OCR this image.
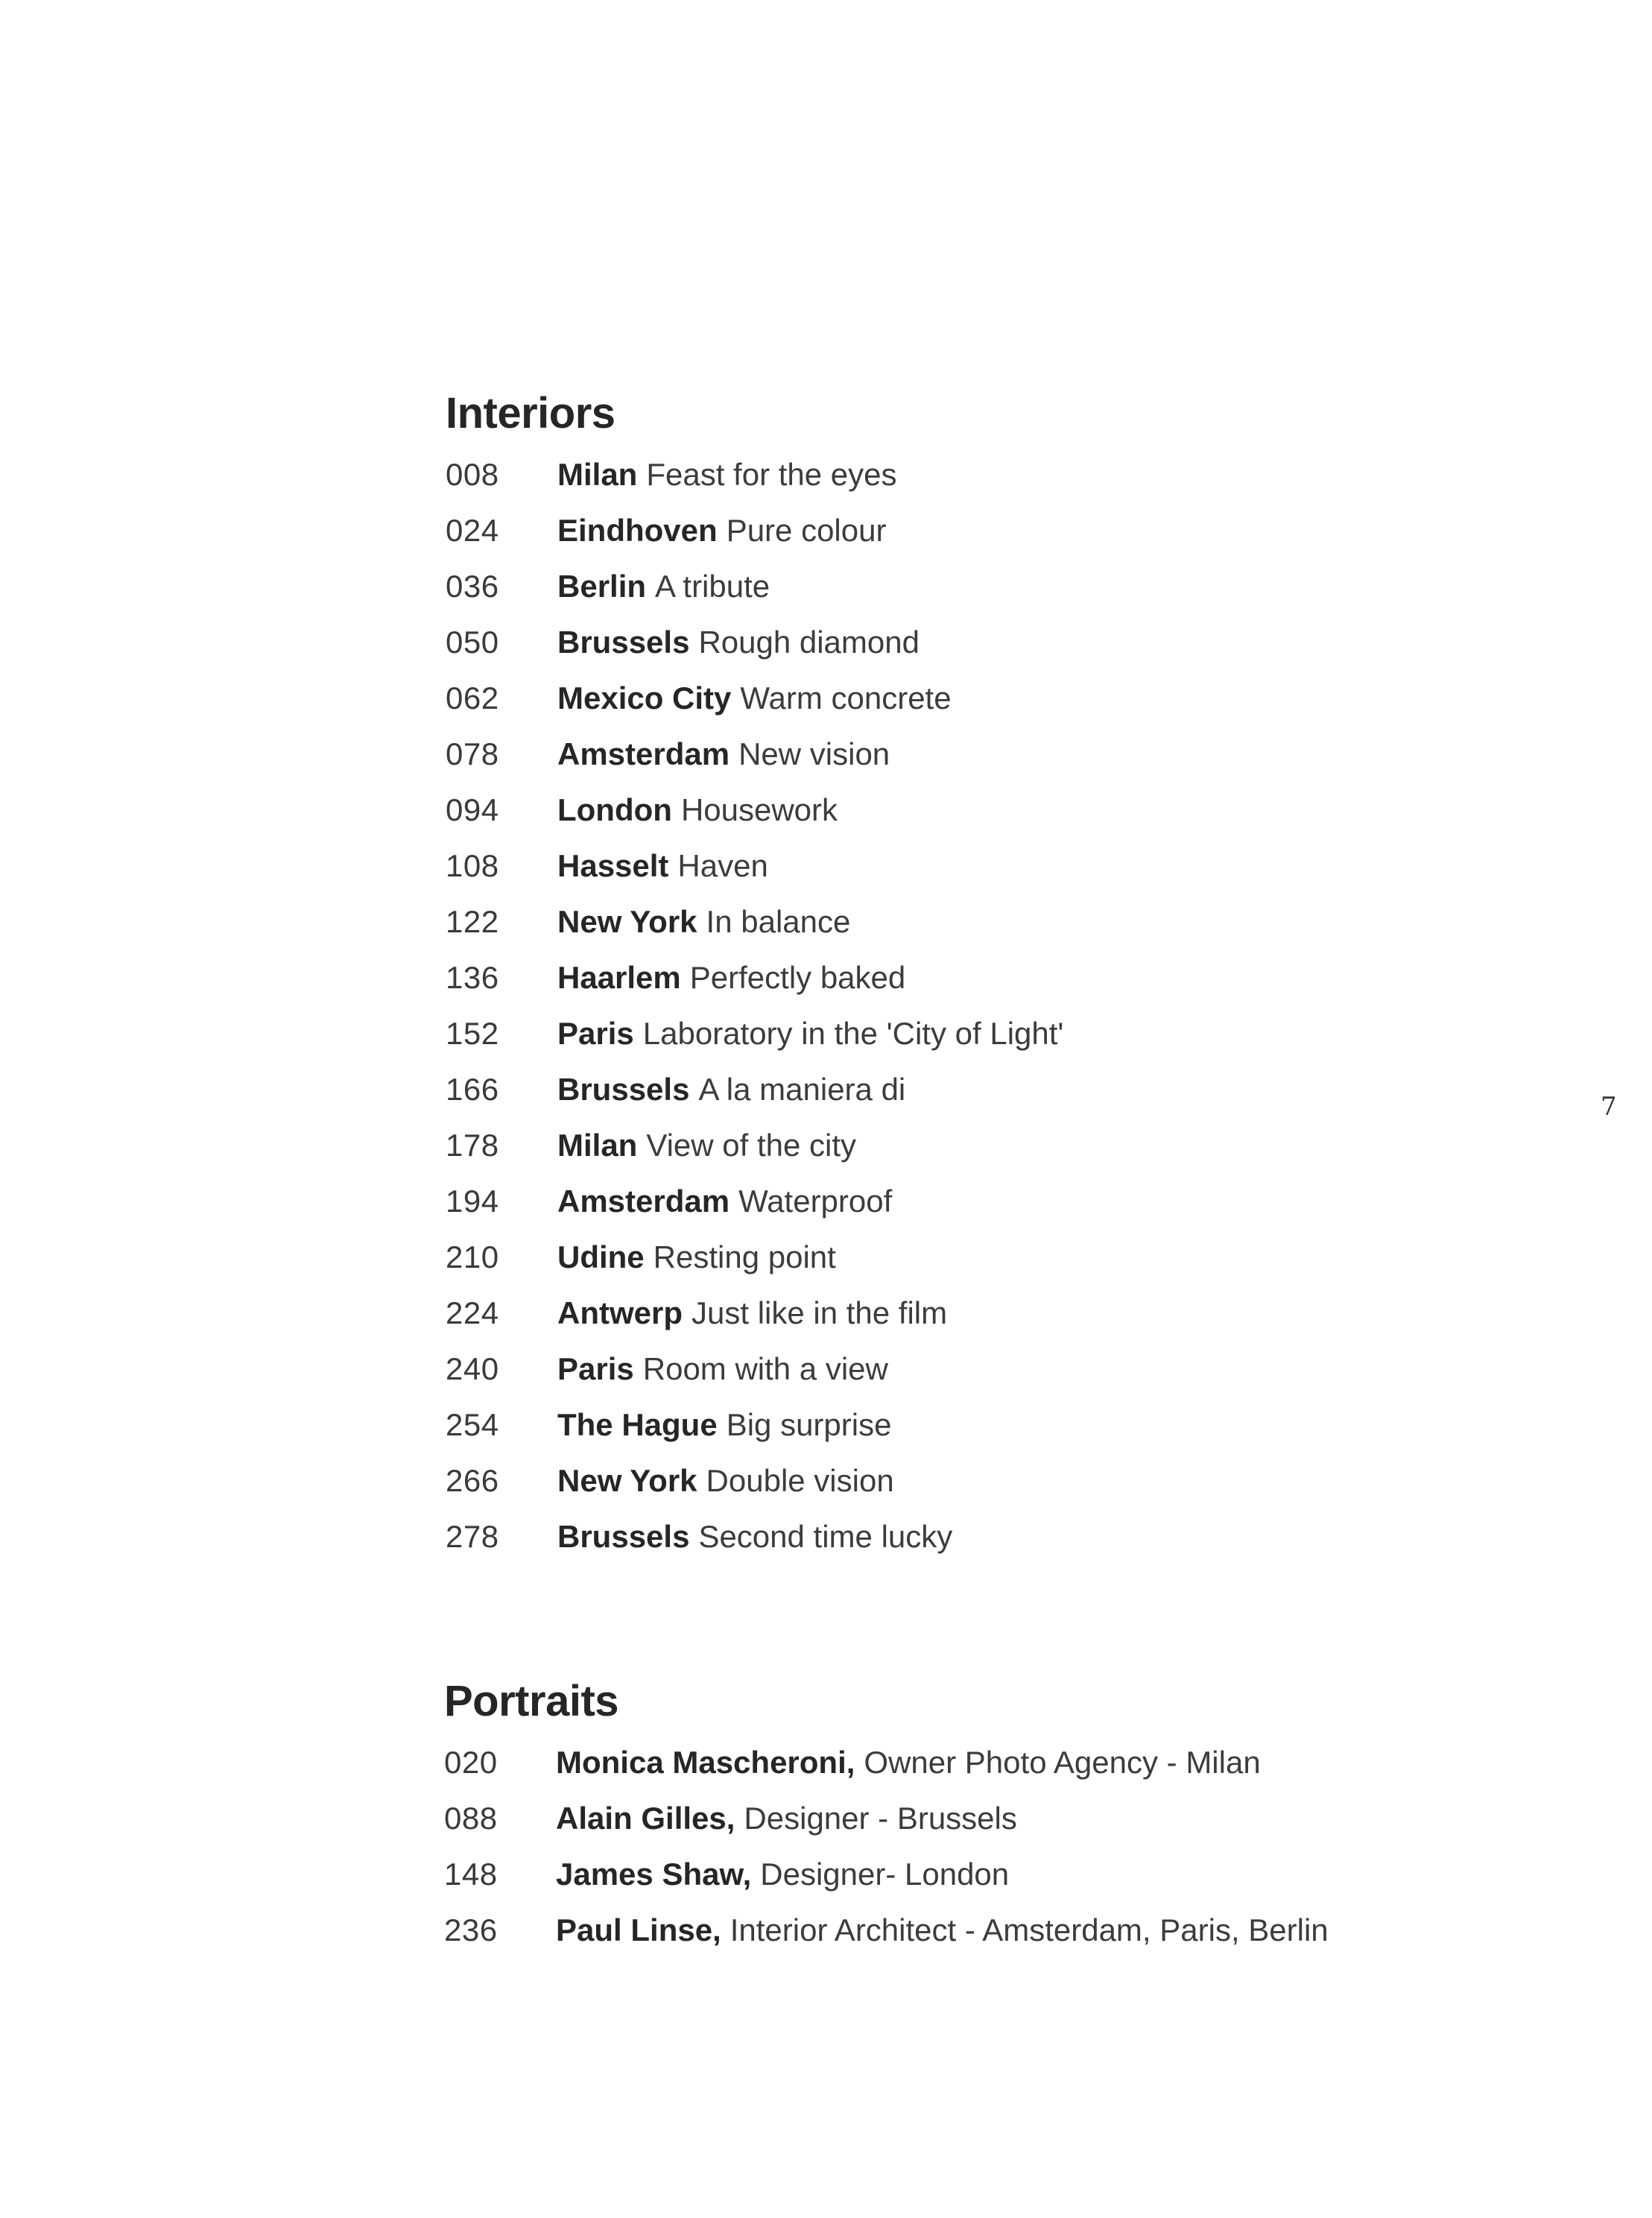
Interiors
008	Milan Feast for the eyes
024	Eindhoven Pure colour
036	Berlin A tribute
050	Brussels Rough diamond
062	Mexico City Warm concrete
078	Amsterdam New vision
094	London Housework
108	Hasselt Haven
122	New York In balance
136	Haarlem Perfectly baked
152	Paris Laboratory in the 'City of Light'
166	Brussels A la maniera di
178	Milan View of the city
194	Amsterdam Waterproof
210	Udine Resting point
224	Antwerp Just like in the film
240	Paris Room with a view
254	The Hague Big surprise
266	New York Double vision
278	Brussels Second time lucky
Portraits
020	Monica Mascheroni, Owner Photo Agency - Milan
088	Alain Gilles, Designer - Brussels
148	James Shaw, Designer- London
236	Paul Linse, Interior Architect - Amsterdam, Paris, Berlin
7
